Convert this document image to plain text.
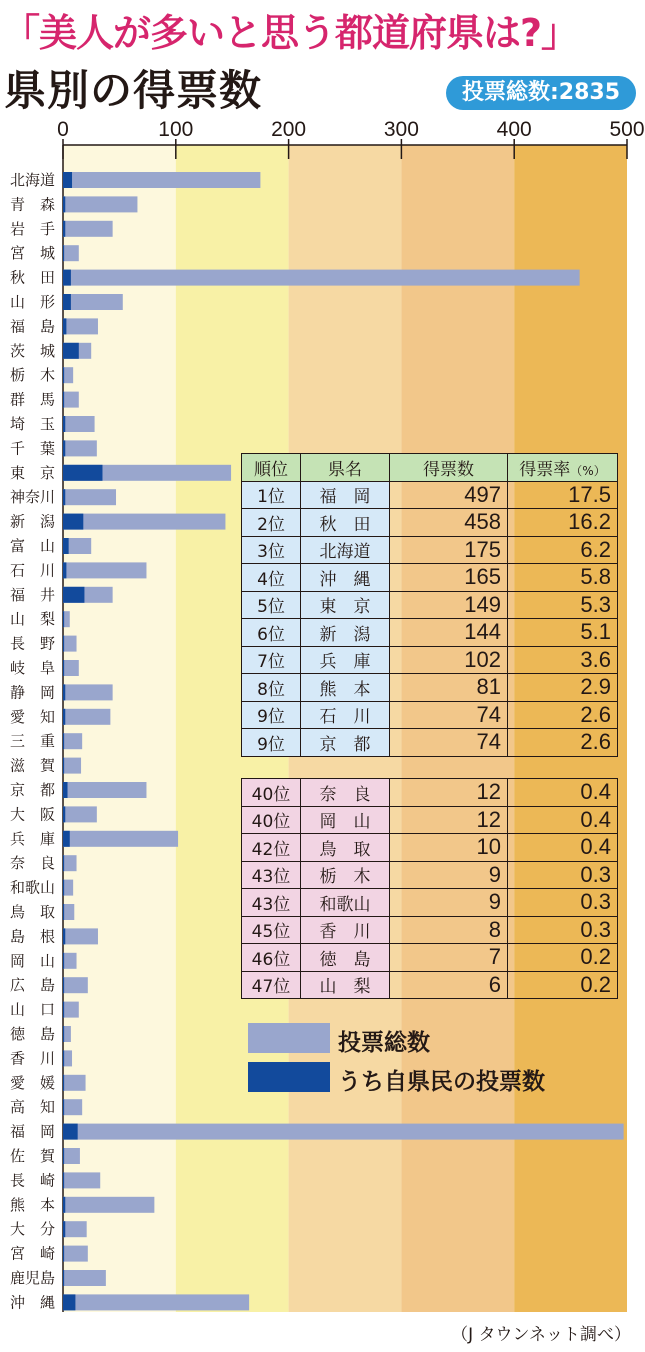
0	100	200	300	400	500
北海道
青　森
岩　手
宮　城
秋　田
山　形
福　島
茨　城
栃　木
群　馬
埼　玉
千　葉
東　京
神奈川
新　潟
富　山
石　川
福　井
山　梨
長　野
岐　阜
静　岡
愛　知
三　重
滋　賀
京　都
大　阪
兵　庫
奈　良
和歌山
鳥　取
島　根
岡　山
広　島
山　口
徳　島
香　川
愛　媛
高　知
福　岡
佐　賀
長　崎
熊　本
大　分
宮　崎
鹿児島
沖　縄
「美人が多いと思う都道府県は?」
県別の得票数	投票総数:2835
順位	県名	得票数	得票率（%）
1位	福　岡	497	17.5
2位	秋　田	458	16.2
3位	北海道	175	6.2
4位	沖　縄	165	5.8
5位	東　京	149	5.3
6位	新　潟	144	5.1
7位	兵　庫	102	3.6
8位	熊　本	81	2.9
9位	石　川	74	2.6
9位	京　都	74	2.6
40位	奈　良	12	0.4
40位	岡　山	12	0.4
42位	鳥　取	10	0.4
43位	栃　木	9	0.3
43位	和歌山	9	0.3
45位	香　川	8	0.3
46位	徳　島	7	0.2
47位	山　梨	6	0.2
投票総数
うち自県民の投票数
（J タウンネット調べ）
